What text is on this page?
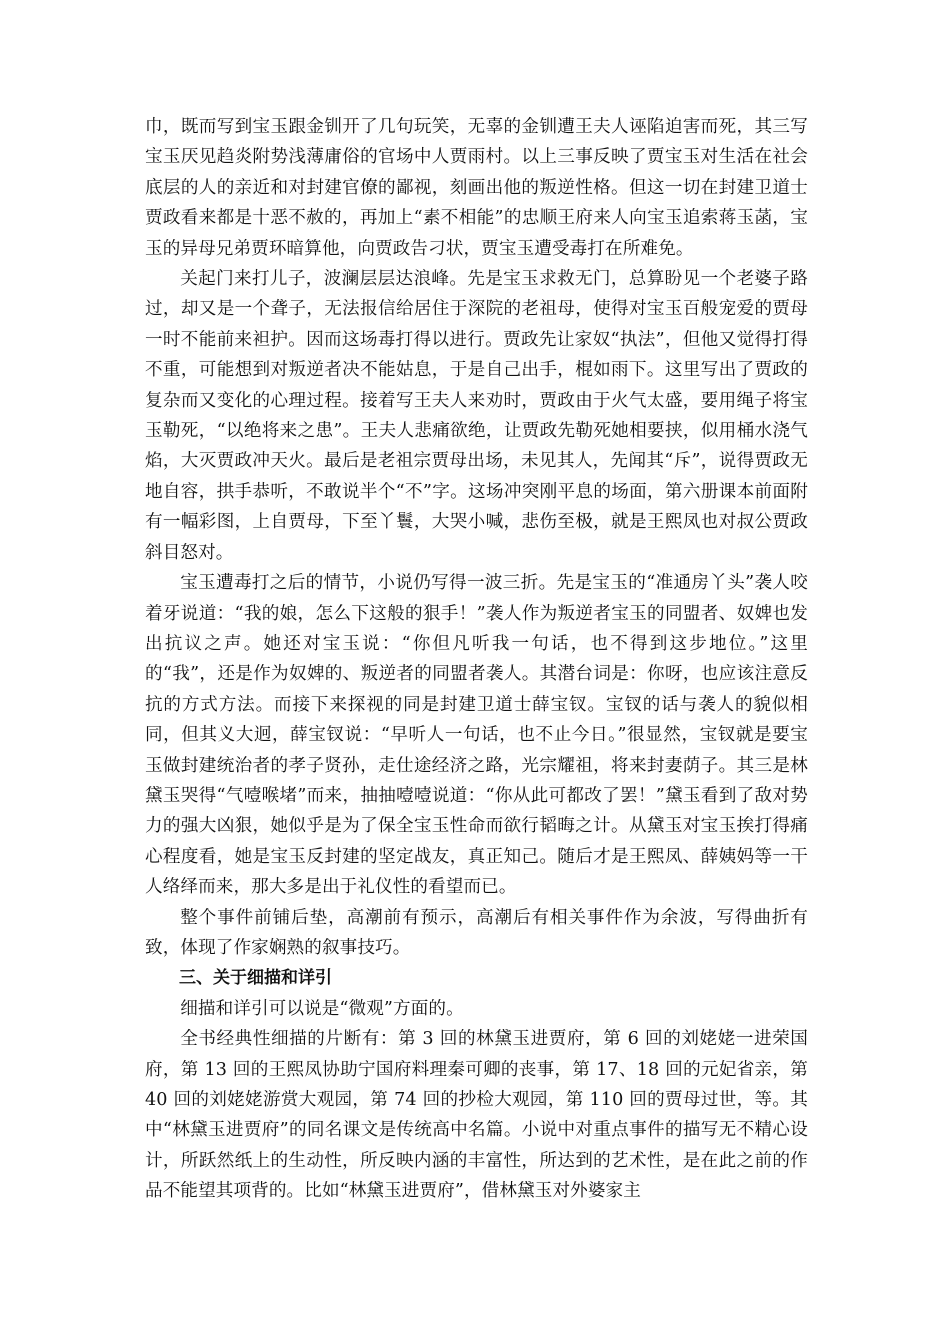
巾，既而写到宝玉跟金钏开了几句玩笑，无辜的金钏遭王夫人诬陷迫害而死，其三写宝玉厌见趋炎附势浅薄庸俗的官场中人贾雨村。以上三事反映了贾宝玉对生活在社会底层的人的亲近和对封建官僚的鄙视，刻画出他的叛逆性格。但这一切在封建卫道士贾政看来都是十恶不赦的，再加上“素不相能”的忠顺王府来人向宝玉追索蒋玉菡，宝玉的异母兄弟贾环暗算他，向贾政告刁状，贾宝玉遭受毒打在所难免。

关起门来打儿子，波澜层层达浪峰。先是宝玉求救无门，总算盼见一个老婆子路过，却又是一个聋子，无法报信给居住于深院的老祖母，使得对宝玉百般宠爱的贾母一时不能前来袒护。因而这场毒打得以进行。贾政先让家奴“执法”，但他又觉得打得不重，可能想到对叛逆者决不能姑息，于是自己出手，棍如雨下。这里写出了贾政的复杂而又变化的心理过程。接着写王夫人来劝时，贾政由于火气太盛，要用绳子将宝玉勒死，“以绝将来之患”。王夫人悲痛欲绝，让贾政先勒死她相要挟，似用桶水浇气焰，大灭贾政冲天火。最后是老祖宗贾母出场，未见其人，先闻其“斥”，说得贾政无地自容，拱手恭听，不敢说半个“不”字。这场冲突刚平息的场面，第六册课本前面附有一幅彩图，上自贾母，下至丫鬟，大哭小喊，悲伤至极，就是王熙凤也对叔公贾政斜目怒对。

宝玉遭毒打之后的情节，小说仍写得一波三折。先是宝玉的“准通房丫头”袭人咬着牙说道：“我的娘，怎么下这般的狠手！”袭人作为叛逆者宝玉的同盟者、奴婢也发出抗议之声。她还对宝玉说：“你但凡听我一句话，也不得到这步地位。”这里的“我”，还是作为奴婢的、叛逆者的同盟者袭人。其潜台词是：你呀，也应该注意反抗的方式方法。而接下来探视的同是封建卫道士薛宝钗。宝钗的话与袭人的貌似相同，但其义大迥，薛宝钗说：“早听人一句话，也不止今日。”很显然，宝钗就是要宝玉做封建统治者的孝子贤孙，走仕途经济之路，光宗耀祖，将来封妻荫子。其三是林黛玉哭得“气噎喉堵”而来，抽抽噎噎说道：“你从此可都改了罢！”黛玉看到了敌对势力的强大凶狠，她似乎是为了保全宝玉性命而欲行韬晦之计。从黛玉对宝玉挨打得痛心程度看，她是宝玉反封建的坚定战友，真正知己。随后才是王熙凤、薛姨妈等一干人络绎而来，那大多是出于礼仪性的看望而已。

整个事件前铺后垫，高潮前有预示，高潮后有相关事件作为余波，写得曲折有致，体现了作家娴熟的叙事技巧。

三、关于细描和详引

细描和详引可以说是“微观”方面的。

全书经典性细描的片断有：第 3 回的林黛玉进贾府，第 6 回的刘姥姥一进荣国府，第 13 回的王熙凤协助宁国府料理秦可卿的丧事，第 17、18 回的元妃省亲，第 40 回的刘姥姥游赏大观园，第 74 回的抄检大观园，第 110 回的贾母过世，等。其中“林黛玉进贾府”的同名课文是传统高中名篇。小说中对重点事件的描写无不精心设计，所跃然纸上的生动性，所反映内涵的丰富性，所达到的艺术性，是在此之前的作品不能望其项背的。比如“林黛玉进贾府”，借林黛玉对外婆家主
